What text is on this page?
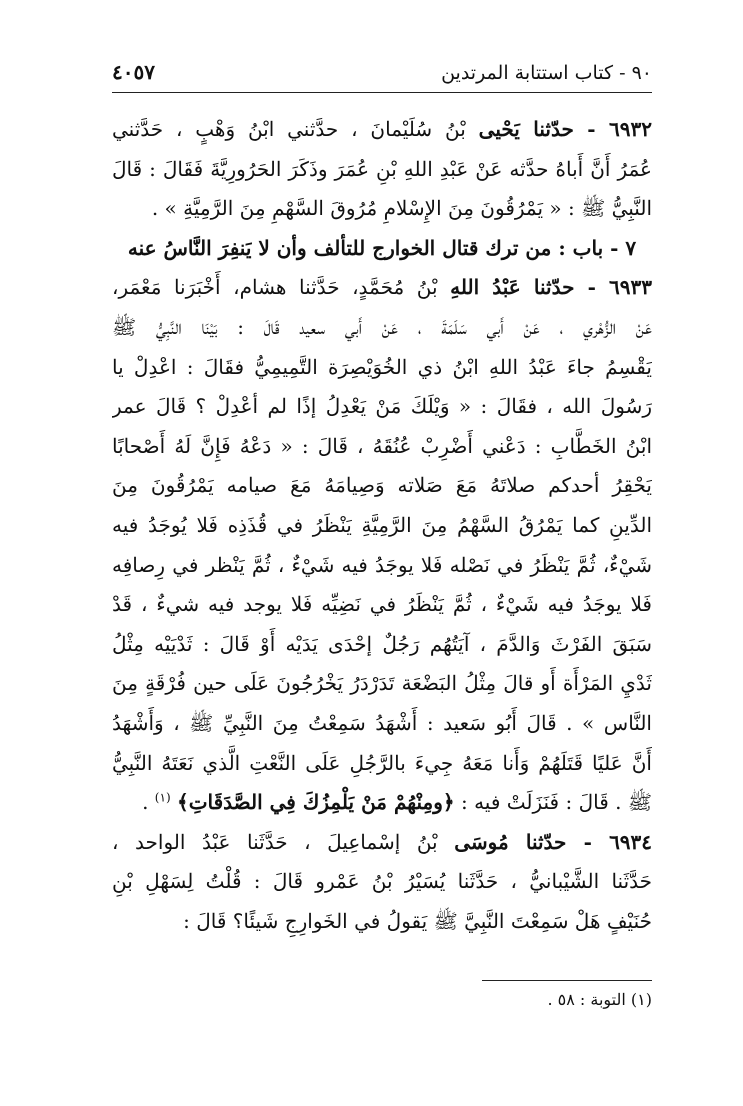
٩٠ - كتاب استتابة المرتدين
٤٠٥٧
٦٩٣٢ - حدّثنا يَحْيى بْنُ سُلَيْمانَ ، حدَّثني ابْنُ وَهْبٍ ، حَدَّثني
عُمَرُ أَنَّ أَباهُ حدَّثه عَنْ عَبْدِ اللهِ بْنِ عُمَرَ وذَكَرَ الحَرُورِيَّةَ فَقَالَ : قَالَ
النَّبِيُّ ﷺ : « يَمْرُقُونَ مِنَ الإِسْلامِ مُرُوقَ السَّهْمِ مِنَ الرَّمِيَّةِ » .
٧ - باب : من ترك قتال الخوارج للتألف وأن لا يَنفِرَ النَّاسُ عنه
٦٩٣٣ - حدّثنا عَبْدُ اللهِ بْنُ مُحَمَّدٍ، حَدَّثنا هشام، أَخْبَرَنا مَعْمَر،
عَنْ الزُّهْري ، عَنْ أَبي سَلَمَةَ ، عَنْ أَبي سعيد قَالَ : بَيْنَا النَّبِيُّ ﷺ
يَقْسِمُ جاءَ عَبْدُ اللهِ ابْنُ ذي الخُوَيْصِرَة التَّمِيمِيُّ فقَالَ : اعْدِلْ يا
رَسُولَ الله ، فقَالَ : « وَيْلَكَ مَنْ يَعْدِلُ إذًا لم أعْدِلْ ؟ قَالَ عمر
ابْنُ الخَطَّابِ : دَعْني أَضْرِبْ عُنُقَهُ ، قَالَ : « دَعْهُ فَإِنَّ لَهُ أَصْحابًا
يَحْقِرُ أحدكم صلاتَهُ مَعَ صَلاته وَصِيامَهُ مَعَ صيامه يَمْرُقُونَ مِنَ
الدِّينِ كما يَمْرُقُ السَّهْمُ مِنَ الرَّمِيَّةِ يَنْظَرُ في قُذَذِه فَلا يُوجَدُ فيه
شَيْءٌ، ثُمَّ يَنْظَرُ في نَصْله فَلا يوجَدُ فيه شَيْءٌ ، ثُمَّ يَنْظر في رِصافِه
فَلا يوجَدُ فيه شَيْءٌ ، ثُمَّ يَنْظَرُ في نَضِيِّه فَلا يوجد فيه شيءٌ ، قَدْ
سَبَقَ الفَرْثَ وَالدَّمَ ، آيَتُهُم رَجُلٌ إحْدَى يَدَيْه أَوْ قَالَ : ثَدْيَيْه مِثْلُ
ثَدْيِ المَرْأَة أَو قالَ مِثْلُ البَضْعَة تَدَرْدَرُ يَخْرُجُونَ عَلَى حين فُرْقَةٍ مِنَ
النَّاس » . قَالَ أَبُو سَعيد : أَشْهَدُ سَمِعْتُ مِنَ النَّبِيِّ ﷺ ، وَأَشْهَدُ
أَنَّ عَليًا قَتَلَهُمْ وَأَنا مَعَهُ جِيءَ بالرَّجُلِ عَلَى النَّعْتِ الَّذي نَعَتَهُ النَّبِيُّ
ﷺ . قَالَ : فَنَزَلَتْ فيه : ﴿ومِنْهُمْ مَنْ يَلْمِزُكَ فِي الصَّدَقَاتِ﴾ $^{(١)}$ .
٦٩٣٤ - حدّثنا مُوسَى بْنُ إسْماعِيلَ ، حَدَّثَنا عَبْدُ الواحد ،
حَدَّثَنا الشَّيْبانيُّ ، حَدَّثَنا يُسَيْرُ بْنُ عَمْرو قَالَ : قُلْتُ لِسَهْلِ بْنِ
حُنَيْفٍ هَلْ سَمِعْتَ النَّبِيَّ ﷺ يَقولُ في الخَوارِجِ شَيئًا؟ قَالَ :
(١) التوبة : ٥٨ .
